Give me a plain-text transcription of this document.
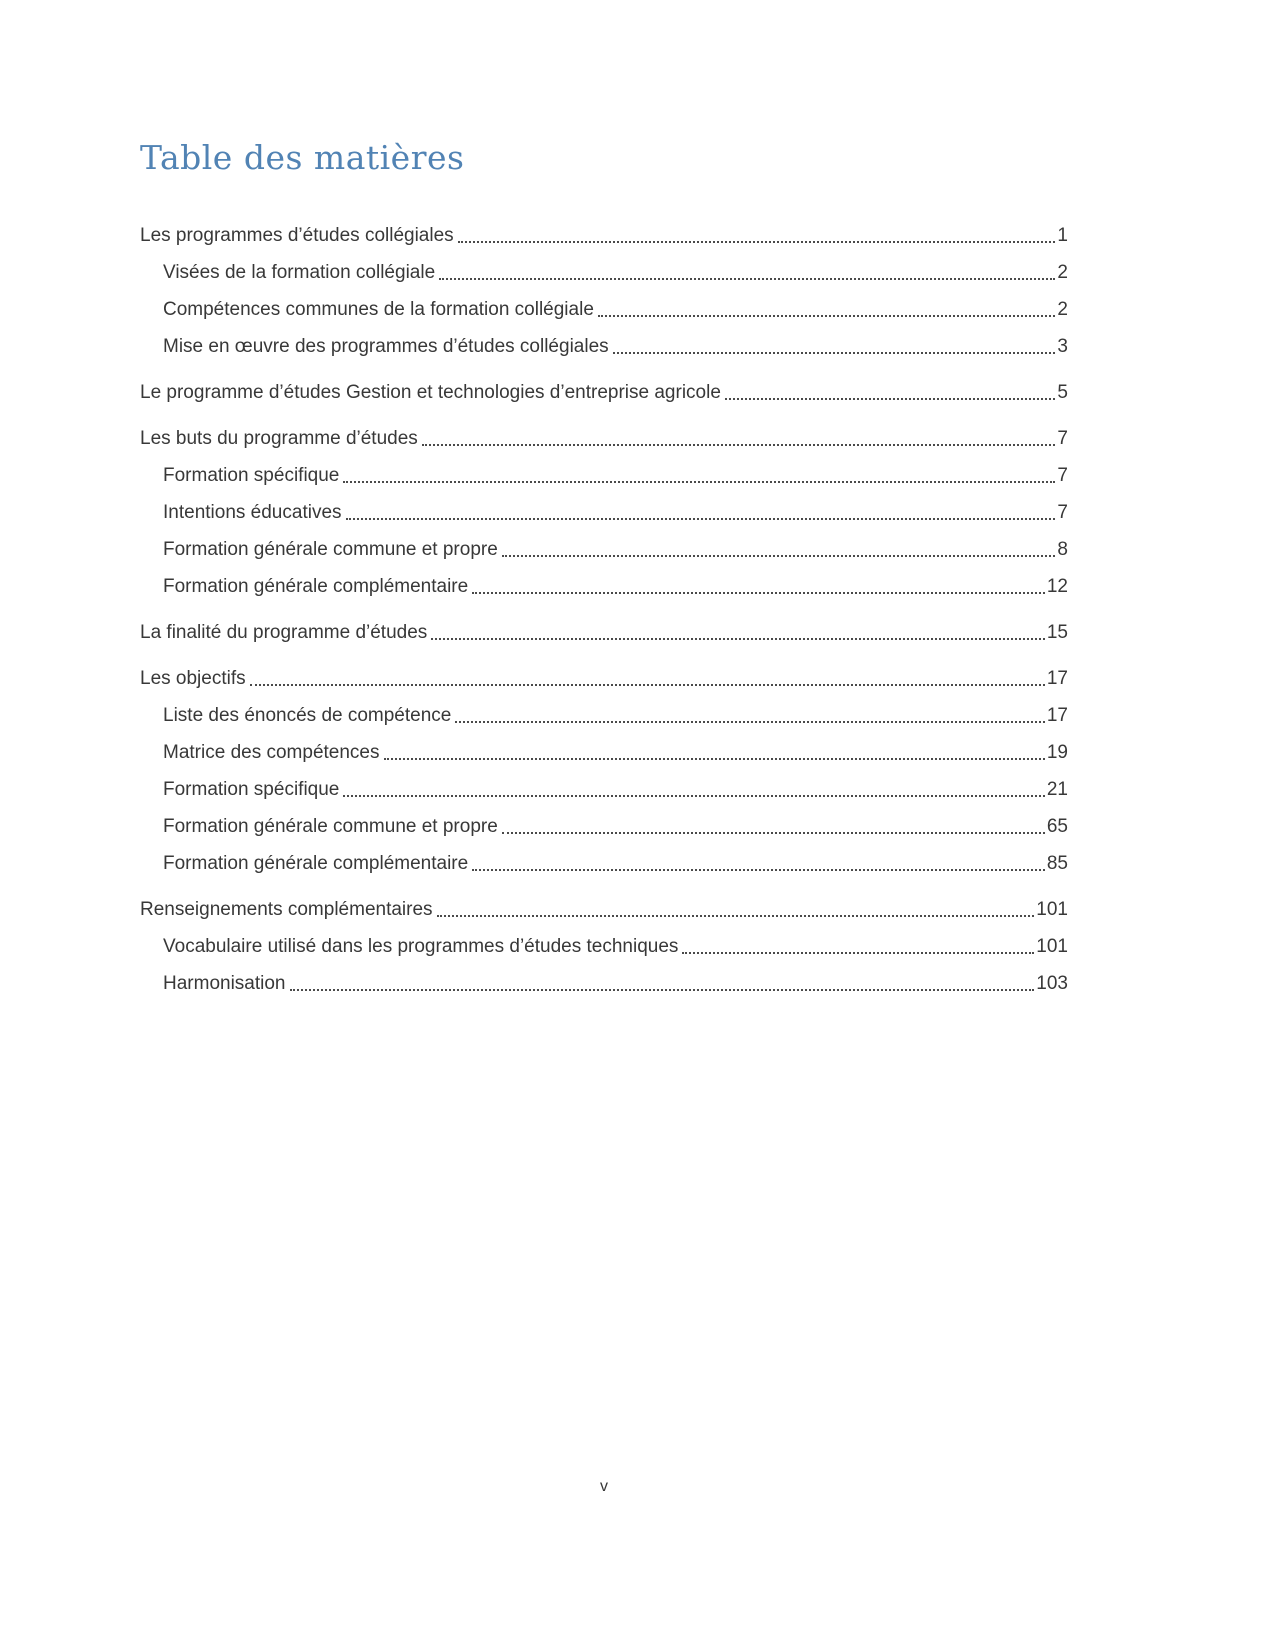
Table des matières
Les programmes d’études collégiales	1
Visées de la formation collégiale	2
Compétences communes de la formation collégiale	2
Mise en œuvre des programmes d’études collégiales	3
Le programme d’études Gestion et technologies d’entreprise agricole	5
Les buts du programme d’études	7
Formation spécifique	7
Intentions éducatives	7
Formation générale commune et propre	8
Formation générale complémentaire	12
La finalité du programme d’études	15
Les objectifs	17
Liste des énoncés de compétence	17
Matrice des compétences	19
Formation spécifique	21
Formation générale commune et propre	65
Formation générale complémentaire	85
Renseignements complémentaires	101
Vocabulaire utilisé dans les programmes d’études techniques	101
Harmonisation	103
v
